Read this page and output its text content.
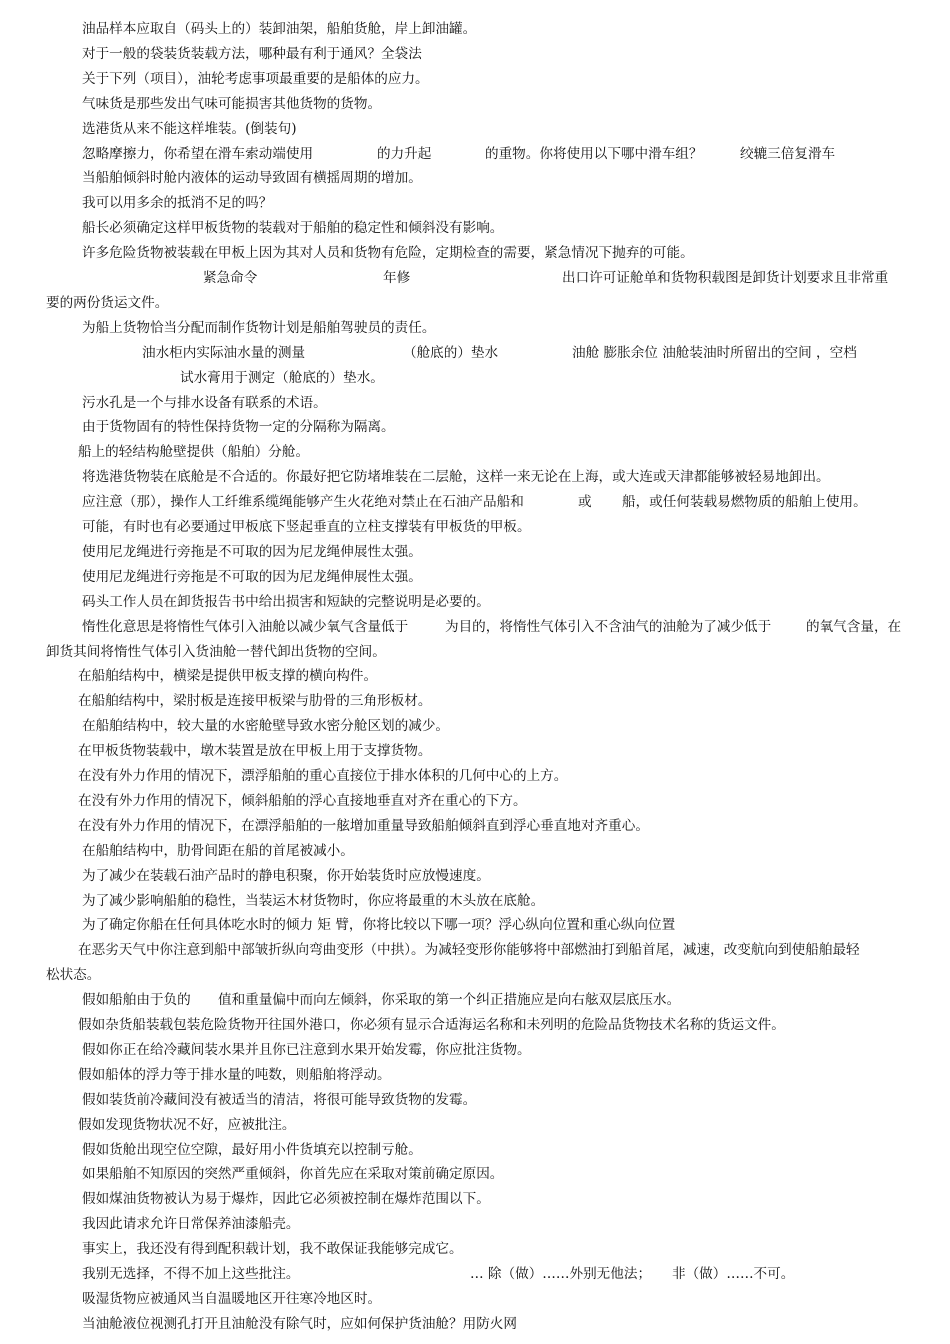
油品样本应取自（码头上的）装卸油架，船舶货舱，岸上卸油罐。
对于一般的袋装货装载方法，哪种最有利于通风？全袋法
关于下列（项目），油轮考虑事项最重要的是船体的应力。
气味货是那些发出气味可能损害其他货物的货物。
选港货从来不能这样堆装。(倒装句)
忽略摩擦力，你希望在滑车索动端使用	的力升起	的重物。你将使用以下哪中滑车组？	绞辘三倍复滑车
当船舶倾斜时舱内液体的运动导致固有横摇周期的增加。
我可以用多余的抵消不足的吗？
船长必须确定这样甲板货物的装载对于船舶的稳定性和倾斜没有影响。
许多危险货物被装载在甲板上因为其对人员和货物有危险，定期检查的需要，紧急情况下抛弃的可能。
紧急命令	年修	出口许可证舱单和货物积载图是卸货计划要求且非常重
要的两份货运文件。
为船上货物恰当分配而制作货物计划是船舶驾驶员的责任。
油水柜内实际油水量的测量	（舱底的）垫水	油舱 膨胀余位 油舱装油时所留出的空间 ，空档
试水膏用于测定（舱底的）垫水。
污水孔是一个与排水设备有联系的术语。
由于货物固有的特性保持货物一定的分隔称为隔离。
船上的轻结构舱壁提供（船舶）分舱。
将选港货物装在底舱是不合适的。你最好把它防堵堆装在二层舱，这样一来无论在上海，或大连或天津都能够被轻易地卸出。
应注意（那），操作人工纤维系缆绳能够产生火花绝对禁止在石油产品船和	或 船，或任何装载易燃物质的船舶上使用。
可能，有时也有必要通过甲板底下竖起垂直的立柱支撑装有甲板货的甲板。
使用尼龙绳进行旁拖是不可取的因为尼龙绳伸展性太强。
使用尼龙绳进行旁拖是不可取的因为尼龙绳伸展性太强。
码头工作人员在卸货报告书中给出损害和短缺的完整说明是必要的。
惰性化意思是将惰性气体引入油舱以减少氧气含量低于	为目的，将惰性气体引入不含油气的油舱为了减少低于	的氧气含量，在
卸货其间将惰性气体引入货油舱一替代卸出货物的空间。
在船舶结构中，横梁是提供甲板支撑的横向构件。
在船舶结构中，梁肘板是连接甲板梁与肋骨的三角形板材。
在船舶结构中，较大量的水密舱壁导致水密分舱区划的减少。
在甲板货物装载中，墩木装置是放在甲板上用于支撑货物。
在没有外力作用的情况下，漂浮船舶的重心直接位于排水体积的几何中心的上方。
在没有外力作用的情况下，倾斜船舶的浮心直接地垂直对齐在重心的下方。
在没有外力作用的情况下，在漂浮船舶的一舷增加重量导致船舶倾斜直到浮心垂直地对齐重心。
在船舶结构中，肋骨间距在船的首尾被减小。
为了减少在装载石油产品时的静电积聚，你开始装货时应放慢速度。
为了减少影响船舶的稳性，当装运木材货物时，你应将最重的木头放在底舱。
为了确定你船在任何具体吃水时的倾力 矩 臂，你将比较以下哪一项？浮心纵向位置和重心纵向位置
在恶劣天气中你注意到船中部皱折纵向弯曲变形（中拱）。为减轻变形你能够将中部燃油打到船首尾，减速，改变航向到使船舶最轻
松状态。
假如船舶由于负的 值和重量偏中而向左倾斜，你采取的第一个纠正措施应是向右舷双层底压水。
假如杂货船装载包装危险货物开往国外港口，你必须有显示合适海运名称和未列明的危险品货物技术名称的货运文件。
假如你正在给冷藏间装水果并且你已注意到水果开始发霉，你应批注货物。
假如船体的浮力等于排水量的吨数，则船舶将浮动。
假如装货前冷藏间没有被适当的清洁，将很可能导致货物的发霉。
假如发现货物状况不好，应被批注。
假如货舱出现空位空隙，最好用小件货填充以控制亏舱。
如果船舶不知原因的突然严重倾斜，你首先应在采取对策前确定原因。
假如煤油货物被认为易于爆炸，因此它必须被控制在爆炸范围以下。
我因此请求允许日常保养油漆船壳。
事实上，我还没有得到配积载计划，我不敢保证我能够完成它。
我别无选择，不得不加上这些批注。	… 除（做）……外别无他法； 非（做）……不可。
吸湿货物应被通风当自温暖地区开往寒冷地区时。
当油舱液位视测孔打开且油舱没有除气时，应如何保护货油舱？用防火网
